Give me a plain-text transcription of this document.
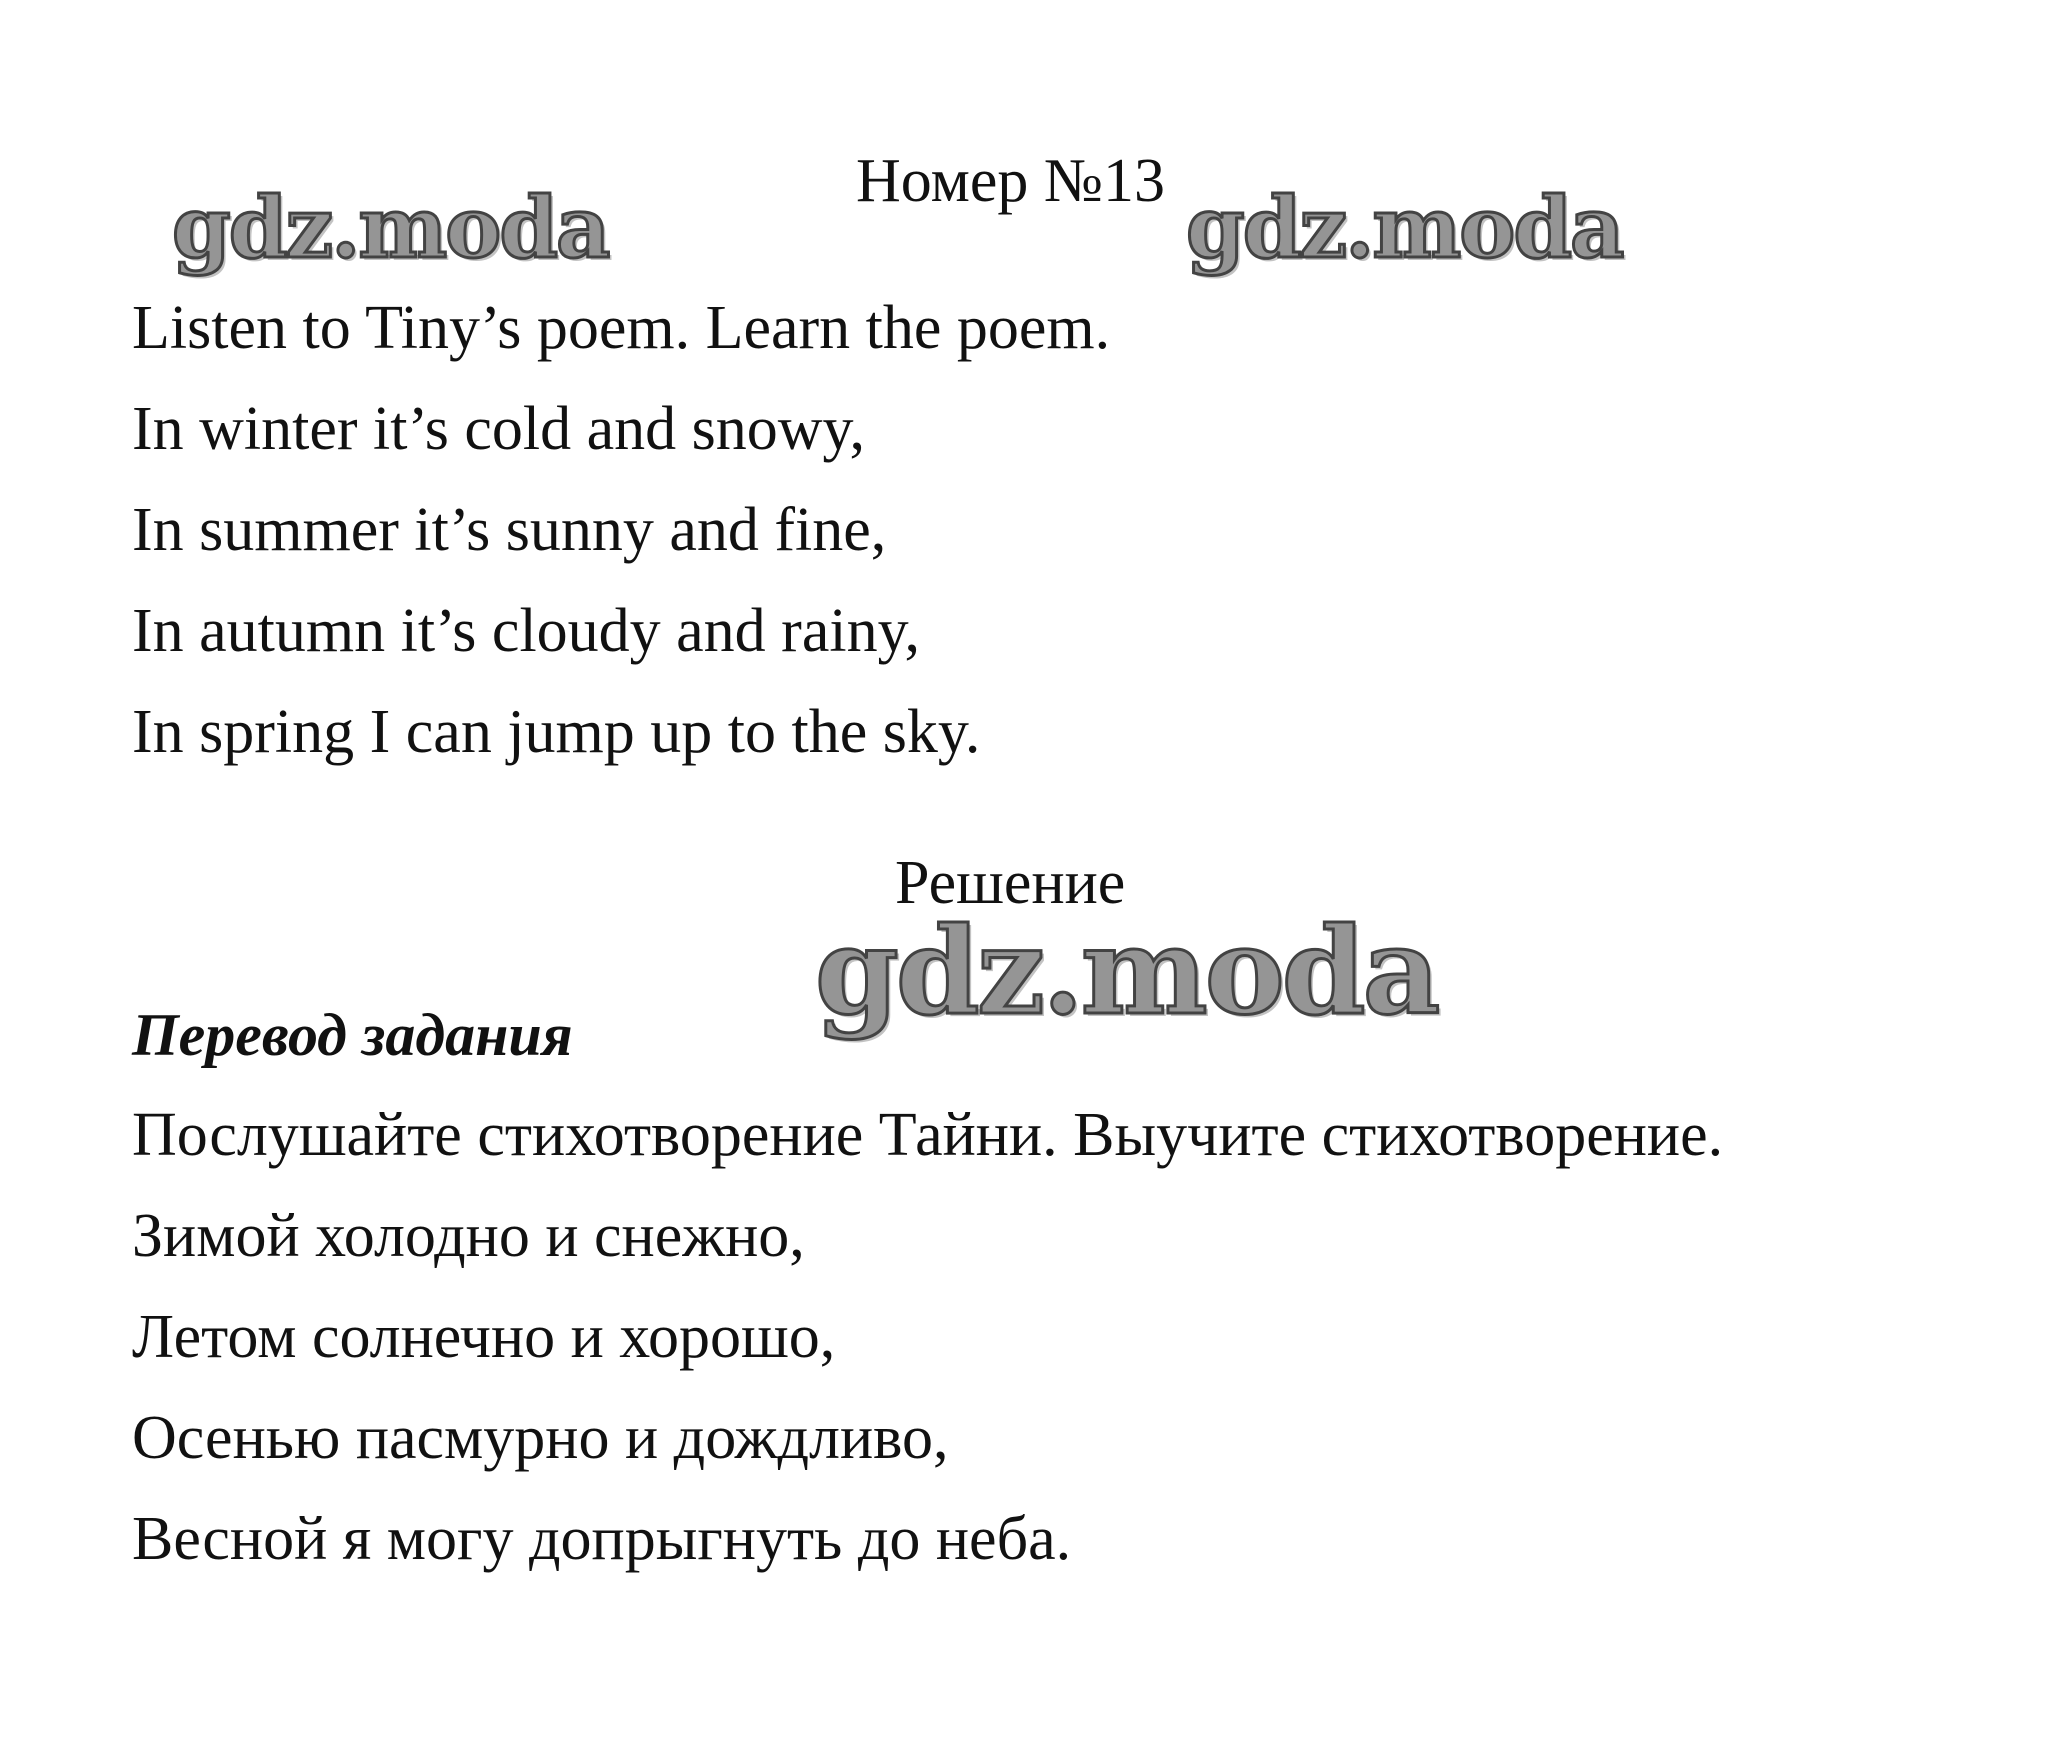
gdz.moda	Номер №13 gdz.moda
Listen to Tiny’s poem. Learn the poem.
In winter it’s cold and snowy,
In summer it’s sunny and fine,
In autumn it’s cloudy and rainy,
In spring I can jump up to the sky.
Решение
gdz.moda
Перевод задания
Послушайте стихотворение Тайни. Выучите стихотворение.
Зимой холодно и снежно,
Летом солнечно и хорошо,
Осенью пасмурно и дождливо,
Весной я могу допрыгнуть до неба.
